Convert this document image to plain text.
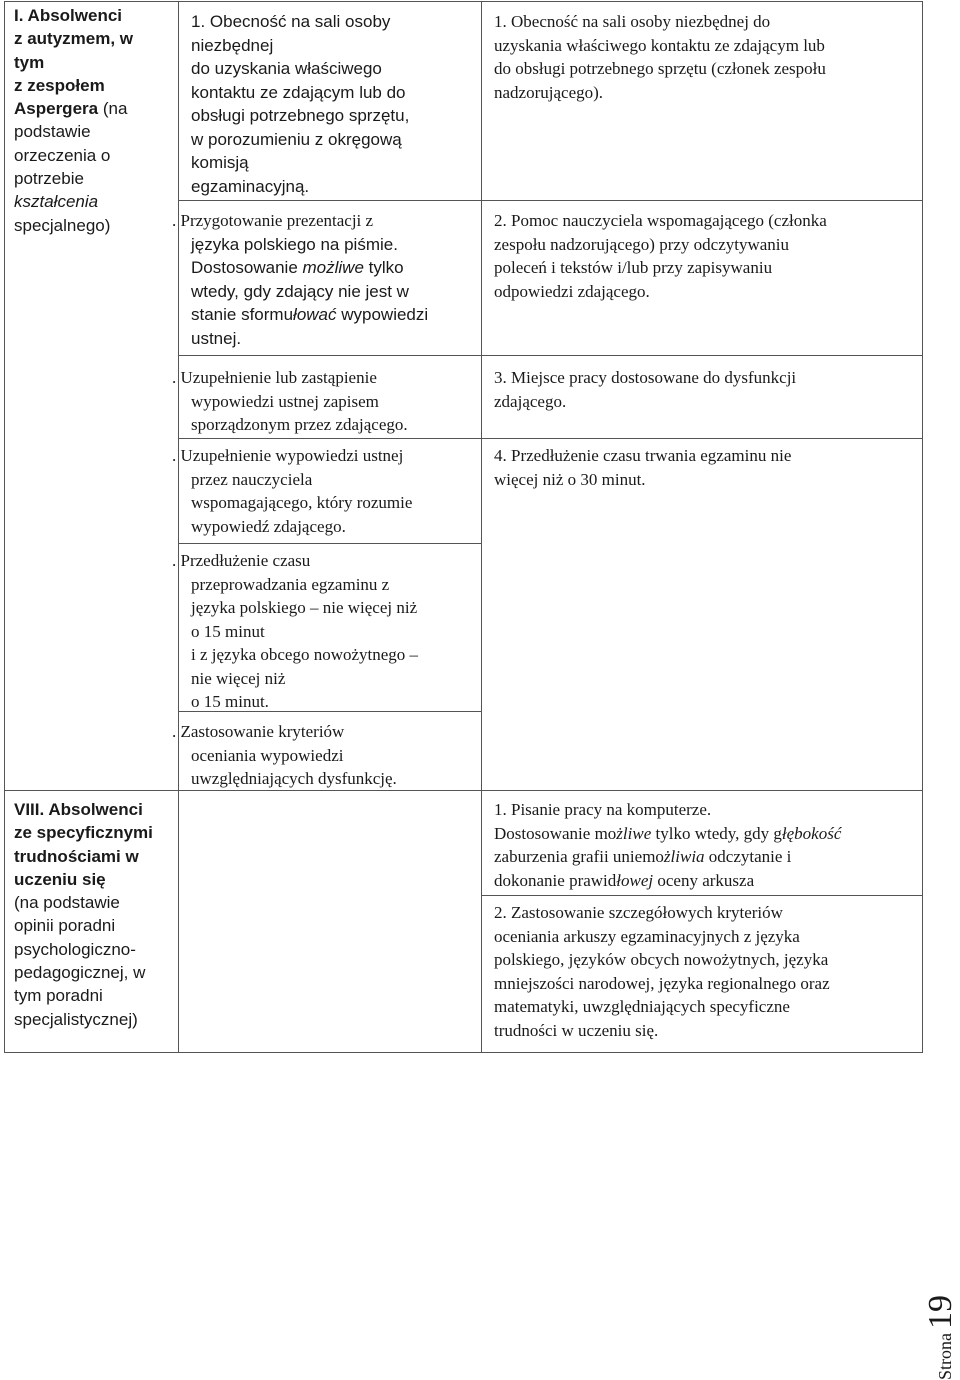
I. Absolwenci
z autyzmem, w
tym
z zespołem
Aspergera (na
podstawie
orzeczenia o
potrzebie
kształcenia
specjalnego)
VIII. Absolwenci
ze specyficznymi
trudnościami w
uczeniu się
(na podstawie
opinii poradni
psychologiczno-
pedagogicznej, w
tym poradni
specjalistycznej)
1. Obecność na sali osoby
niezbędnej
do uzyskania właściwego
kontaktu ze zdającym lub do
obsługi potrzebnego sprzętu,
w porozumieniu z okręgową
komisją
egzaminacyjną.
. Przygotowanie prezentacji z
języka polskiego na piśmie.
Dostosowanie możliwe tylko
wtedy, gdy zdający nie jest w
stanie sformułować wypowiedzi
ustnej.
. Uzupełnienie lub zastąpienie
wypowiedzi ustnej zapisem
sporządzonym przez zdającego.
. Uzupełnienie wypowiedzi ustnej
przez nauczyciela
wspomagającego, który rozumie
wypowiedź zdającego.
. Przedłużenie czasu
przeprowadzania egzaminu z
języka polskiego – nie więcej niż
o 15 minut
i z języka obcego nowożytnego –
nie więcej niż
o 15 minut.
. Zastosowanie kryteriów
oceniania wypowiedzi
uwzględniających dysfunkcję.
1. Obecność na sali osoby niezbędnej do
uzyskania właściwego kontaktu ze zdającym lub
do obsługi potrzebnego sprzętu (członek zespołu
nadzorującego).
2. Pomoc nauczyciela wspomagającego (członka
zespołu nadzorującego) przy odczytywaniu
poleceń i tekstów i/lub przy zapisywaniu
odpowiedzi zdającego.
3. Miejsce pracy dostosowane do dysfunkcji
zdającego.
4. Przedłużenie czasu trwania egzaminu nie
więcej niż o 30 minut.
1. Pisanie pracy na komputerze.
Dostosowanie możliwe tylko wtedy, gdy głębokość
zaburzenia grafii uniemożliwia odczytanie i
dokonanie prawidłowej oceny arkusza
2. Zastosowanie szczegółowych kryteriów
oceniania arkuszy egzaminacyjnych z języka
polskiego, języków obcych nowożytnych, języka
mniejszości narodowej, języka regionalnego oraz
matematyki, uwzględniających specyficzne
trudności w uczeniu się.
Strona19
